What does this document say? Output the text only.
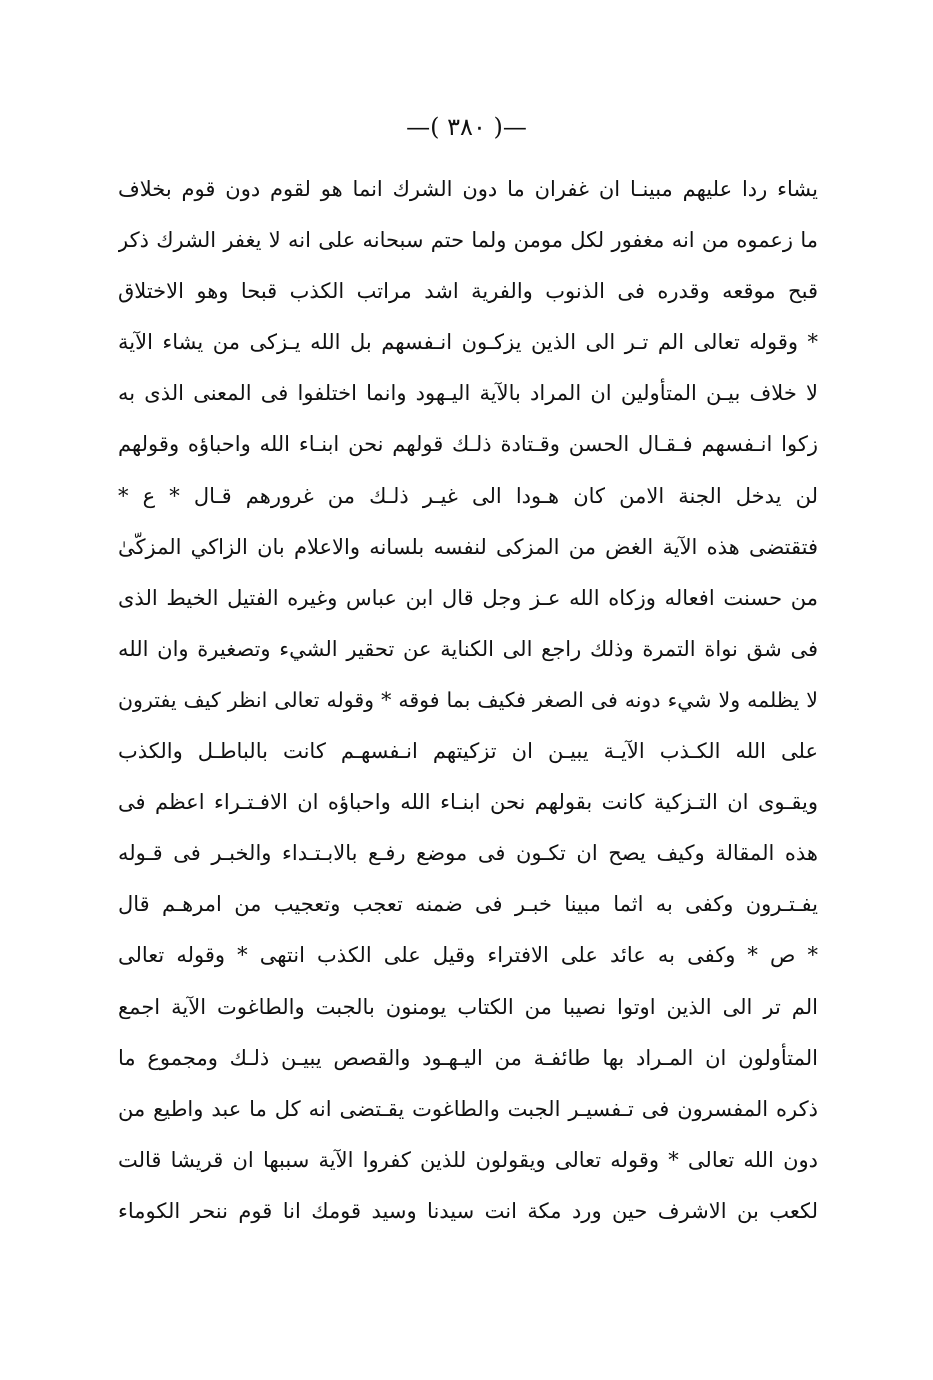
—( ٣٨٠ )—
يشاء ردا عليهم مبينـا ان غفران ما دون الشرك انما هو لقوم دون قوم بخلاف
ما زعموه من انه مغفور لكل مومن ولما حتم سبحانه على انه لا يغفر الشرك ذكر
قبح موقعه وقدره فى الذنوب والفرية اشد مراتب الكذب قبحا وهو الاختلاق
* وقوله تعالى الم تـر الى الذين يزكـون انـفسهم بل الله يـزكى من يشاء الآية
لا خلاف بيـن المتأولين ان المراد بالآية اليـهود وانما اختلفوا فى المعنى الذى به
زكوا انـفسهم فـقـال الحسن وقـتادة ذلـك قولهم نحن ابنـاء الله واحباؤه وقولهم
لن يدخل الجنة الامن كان هـودا الى غيـر ذلـك من غرورهم قـال * ع *
فتقتضى هذه الآية الغض من المزكى لنفسه بلسانه والاعلام بان الزاكي المزكّىٰ
من حسنت افعاله وزكاه الله عـز وجل قال ابن عباس وغيره الفتيل الخيط الذى
فى شق نواة التمرة وذلك راجع الى الكناية عن تحقير الشيء وتصغيرة وان الله
لا يظلمه ولا شيء دونه فى الصغر فكيف بما فوقه * وقوله تعالى انظر كيف يفترون
على الله الكـذب الآيـة يبيـن ان تزكيتهم انـفسهـم كانت بالباطـل والكذب
ويقـوى ان التـزكية كانت بقولهم نحن ابنـاء الله واحباؤه ان الافـتـراء اعظم فى
هذه المقالة وكيف يصح ان تكـون فى موضع رفـع بالابـتـداء والخبـر فى قـوله
يفـتـرون وكفى به اثما مبينا خبـر فى ضمنه تعجب وتعجيب من امرهـم قال
* ص * وكفى به عائد على الافتراء وقيل على الكذب انتهى * وقوله تعالى
الم تر الى الذين اوتوا نصيبا من الكتاب يومنون بالجبت والطاغوت الآية اجمع
المتأولون ان المـراد بها طائفـة من اليـهـود والقصص يبيـن ذلـك ومجموع ما
ذكره المفسرون فى تـفسيـر الجبت والطاغوت يقـتضى انه كل ما عبد واطيع من
دون الله تعالى * وقوله تعالى ويقولون للذين كفروا الآية سببها ان قريشا قالت
لكعب بن الاشرف حين ورد مكة انت سيدنا وسيد قومك انا قوم ننحر الكوماء
